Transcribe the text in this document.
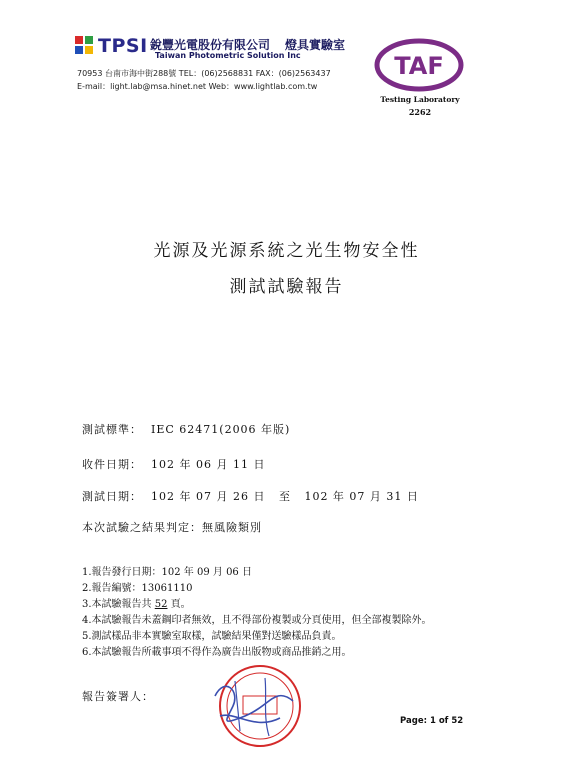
TPSI 銳豐光電股份有限公司 燈具實驗室
Taiwan Photometric Solution Inc
70953 台南市海中街288號 TEL：(06)2568831 FAX：(06)2563437
E-mail：light.lab@msa.hinet.net Web：www.lightlab.com.tw
TAF
Testing Laboratory
2262
光源及光源系統之光生物安全性
測試試驗報告
測試標準：  IEC 62471(2006 年版)
收件日期：  102 年 06 月 11 日
測試日期：  102 年 07 月 26 日   至   102 年 07 月 31 日
本次試驗之結果判定：無風險類別
1.報告發行日期：102 年 09 月 06 日
2.報告編號：13061110
3.本試驗報告共 52 頁。
4.本試驗報告未蓋鋼印者無效，且不得部份複製或分頁使用，但全部複製除外。
5.測試樣品非本實驗室取樣，試驗結果僅對送驗樣品負責。
6.本試驗報告所載事項不得作為廣告出版物或商品推銷之用。
報告簽署人：
Page: 1 of 52
